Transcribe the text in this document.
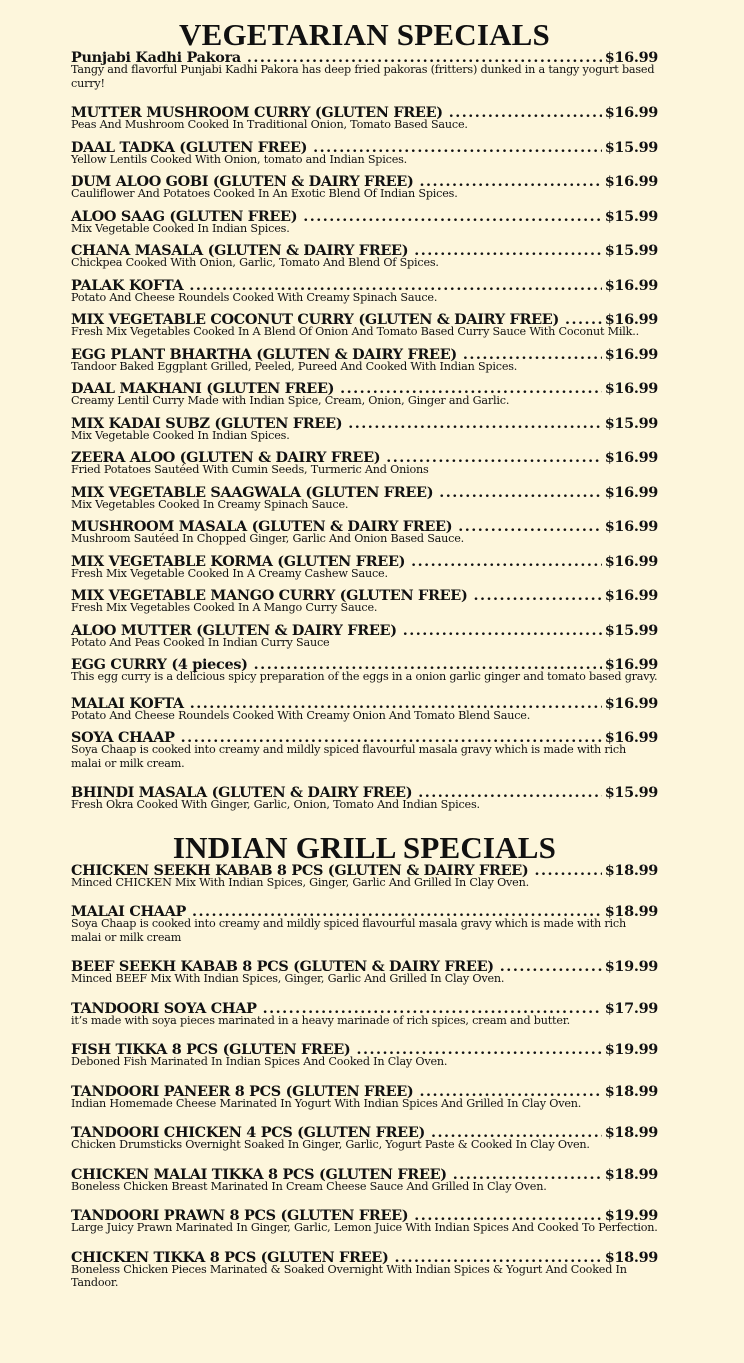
VEGETARIAN SPECIALS
Punjabi Kadhi Pakora .....	$16.99
Tangy and flavorful Punjabi Kadhi Pakora has deep fried pakoras (fritters) dunked in a tangy yogurt based curry!
MUTTER MUSHROOM CURRY (GLUTEN FREE) .....	$16.99
Peas And Mushroom Cooked In Traditional Onion, Tomato Based Sauce.
DAAL TADKA (GLUTEN FREE) .....	$15.99
Yellow Lentils Cooked With Onion, tomato and Indian Spices.
DUM ALOO GOBI (GLUTEN & DAIRY FREE) .....	$16.99
Cauliflower And Potatoes Cooked In An Exotic Blend Of Indian Spices.
ALOO SAAG (GLUTEN FREE) .....	$15.99
Mix Vegetable Cooked In Indian Spices.
CHANA MASALA (GLUTEN & DAIRY FREE) .....	$15.99
Chickpea Cooked With Onion, Garlic, Tomato And Blend Of Spices.
PALAK KOFTA .....	$16.99
Potato And Cheese Roundels Cooked With Creamy Spinach Sauce.
MIX VEGETABLE COCONUT CURRY (GLUTEN & DAIRY FREE) .....	$16.99
Fresh Mix Vegetables Cooked In A Blend Of Onion And Tomato Based Curry Sauce With Coconut Milk..
EGG PLANT BHARTHA (GLUTEN & DAIRY FREE) .....	$16.99
Tandoor Baked Eggplant Grilled, Peeled, Pureed And Cooked With Indian Spices.
DAAL MAKHANI (GLUTEN FREE) .....	$16.99
Creamy Lentil Curry Made with Indian Spice, Cream, Onion, Ginger and Garlic.
MIX KADAI SUBZ (GLUTEN FREE) .....	$15.99
Mix Vegetable Cooked In Indian Spices.
ZEERA ALOO (GLUTEN & DAIRY FREE) .....	$16.99
Fried Potatoes Sautéed With Cumin Seeds, Turmeric And Onions
MIX VEGETABLE SAAGWALA (GLUTEN FREE) .....	$16.99
Mix Vegetables Cooked In Creamy Spinach Sauce.
MUSHROOM MASALA (GLUTEN & DAIRY FREE) .....	$16.99
Mushroom Sautéed In Chopped Ginger, Garlic And Onion Based Sauce.
MIX VEGETABLE KORMA (GLUTEN FREE) .....	$16.99
Fresh Mix Vegetable Cooked In A Creamy Cashew Sauce.
MIX VEGETABLE MANGO CURRY (GLUTEN FREE) .....	$16.99
Fresh Mix Vegetables Cooked In A Mango Curry Sauce.
ALOO MUTTER (GLUTEN & DAIRY FREE) .....	$15.99
Potato And Peas Cooked In Indian Curry Sauce
EGG CURRY (4 pieces) .....	$16.99
This egg curry is a delicious spicy preparation of the eggs in a onion garlic ginger and tomato based gravy.
MALAI KOFTA .....	$16.99
Potato And Cheese Roundels Cooked With Creamy Onion And Tomato Blend Sauce.
SOYA CHAAP .....	$16.99
Soya Chaap is cooked into creamy and mildly spiced flavourful masala gravy which is made with rich malai or milk cream.
BHINDI MASALA (GLUTEN & DAIRY FREE) .....	$15.99
Fresh Okra Cooked With Ginger, Garlic, Onion, Tomato And Indian Spices.
INDIAN GRILL SPECIALS
CHICKEN SEEKH KABAB 8 PCS (GLUTEN & DAIRY FREE) .....	$18.99
Minced CHICKEN Mix With Indian Spices, Ginger, Garlic And Grilled In Clay Oven.
MALAI CHAAP .....	$18.99
Soya Chaap is cooked into creamy and mildly spiced flavourful masala gravy which is made with rich malai or milk cream
BEEF SEEKH KABAB 8 PCS (GLUTEN & DAIRY FREE) .....	$19.99
Minced BEEF Mix With Indian Spices, Ginger, Garlic And Grilled In Clay Oven.
TANDOORI SOYA CHAP .....	$17.99
it’s made with soya pieces marinated in a heavy marinade of rich spices, cream and butter.
FISH TIKKA 8 PCS (GLUTEN FREE) .....	$19.99
Deboned Fish Marinated In Indian Spices And Cooked In Clay Oven.
TANDOORI PANEER 8 PCS (GLUTEN FREE) .....	$18.99
Indian Homemade Cheese Marinated In Yogurt With Indian Spices And Grilled In Clay Oven.
TANDOORI CHICKEN 4 PCS (GLUTEN FREE) .....	$18.99
Chicken Drumsticks Overnight Soaked In Ginger, Garlic, Yogurt Paste & Cooked In Clay Oven.
CHICKEN MALAI TIKKA 8 PCS (GLUTEN FREE) .....	$18.99
Boneless Chicken Breast Marinated In Cream Cheese Sauce And Grilled In Clay Oven.
TANDOORI PRAWN 8 PCS (GLUTEN FREE) .....	$19.99
Large Juicy Prawn Marinated In Ginger, Garlic, Lemon Juice With Indian Spices And Cooked To Perfection.
CHICKEN TIKKA 8 PCS (GLUTEN FREE) .....	$18.99
Boneless Chicken Pieces Marinated & Soaked Overnight With Indian Spices & Yogurt And Cooked In Tandoor.
